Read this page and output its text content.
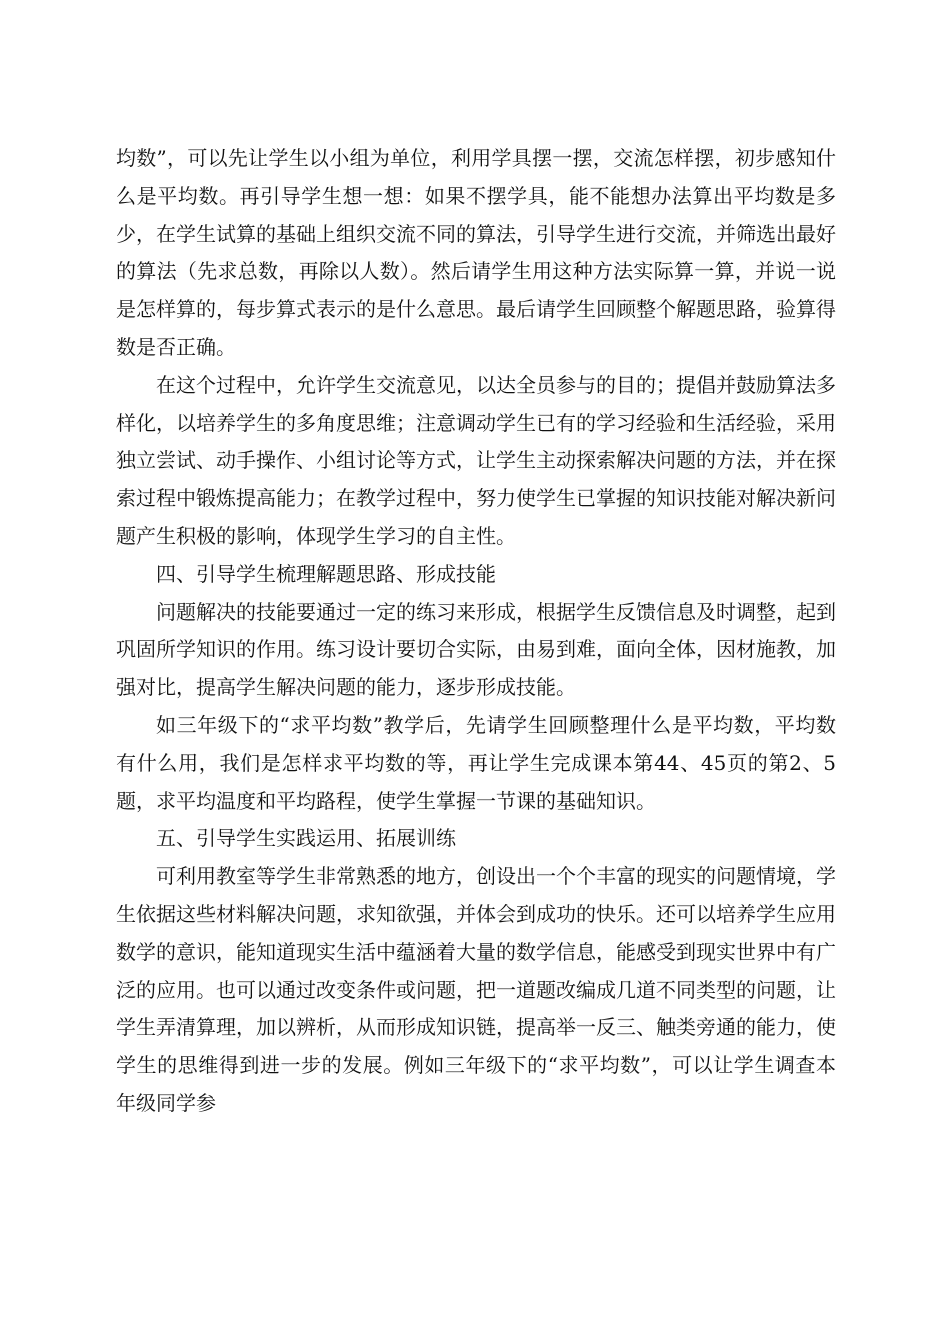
均数”，可以先让学生以小组为单位，利用学具摆一摆，交流怎样摆，初步感知什么是平均数。再引导学生想一想：如果不摆学具，能不能想办法算出平均数是多少，在学生试算的基础上组织交流不同的算法，引导学生进行交流，并筛选出最好的算法（先求总数，再除以人数）。然后请学生用这种方法实际算一算，并说一说是怎样算的，每步算式表示的是什么意思。最后请学生回顾整个解题思路，验算得数是否正确。

在这个过程中，允许学生交流意见，以达全员参与的目的；提倡并鼓励算法多样化，以培养学生的多角度思维；注意调动学生已有的学习经验和生活经验，采用独立尝试、动手操作、小组讨论等方式，让学生主动探索解决问题的方法，并在探索过程中锻炼提高能力；在教学过程中，努力使学生已掌握的知识技能对解决新问题产生积极的影响，体现学生学习的自主性。

四、引导学生梳理解题思路、形成技能

问题解决的技能要通过一定的练习来形成，根据学生反馈信息及时调整，起到巩固所学知识的作用。练习设计要切合实际，由易到难，面向全体，因材施教，加强对比，提高学生解决问题的能力，逐步形成技能。

如三年级下的“求平均数”教学后，先请学生回顾整理什么是平均数，平均数有什么用，我们是怎样求平均数的等，再让学生完成课本第44、45页的第2、5题，求平均温度和平均路程，使学生掌握一节课的基础知识。

五、引导学生实践运用、拓展训练

可利用教室等学生非常熟悉的地方，创设出一个个丰富的现实的问题情境，学生依据这些材料解决问题，求知欲强，并体会到成功的快乐。还可以培养学生应用数学的意识，能知道现实生活中蕴涵着大量的数学信息，能感受到现实世界中有广泛的应用。也可以通过改变条件或问题，把一道题改编成几道不同类型的问题，让学生弄清算理，加以辨析，从而形成知识链，提高举一反三、触类旁通的能力，使学生的思维得到进一步的发展。例如三年级下的“求平均数”，可以让学生调查本年级同学参
